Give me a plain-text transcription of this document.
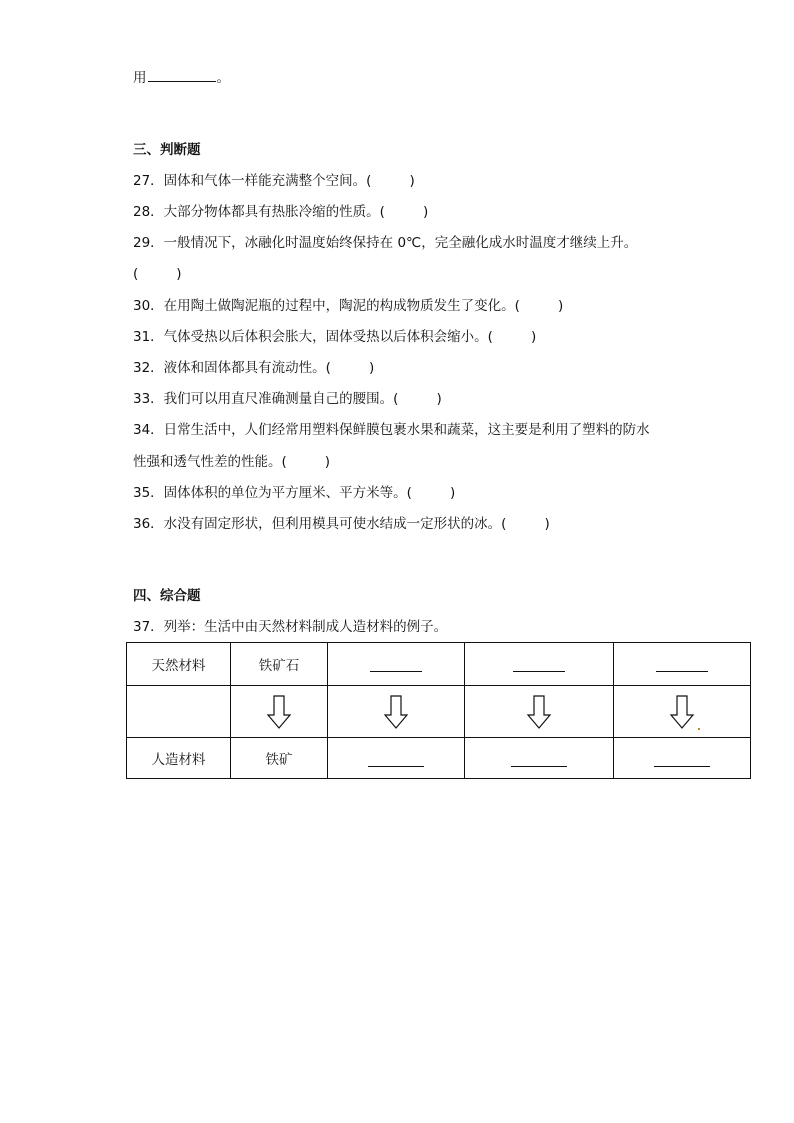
用	。
三、判断题
27．固体和气体一样能充满整个空间。(	)
28．大部分物体都具有热胀冷缩的性质。(	)
29．一般情况下，冰融化时温度始终保持在 0℃，完全融化成水时温度才继续上升。
(	)
30．在用陶土做陶泥瓶的过程中，陶泥的构成物质发生了变化。(	)
31．气体受热以后体积会胀大，固体受热以后体积会缩小。(	)
32．液体和固体都具有流动性。(	)
33．我们可以用直尺准确测量自己的腰围。(	)
34．日常生活中，人们经常用塑料保鲜膜包裹水果和蔬菜，这主要是利用了塑料的防水
性强和透气性差的性能。(	)
35．固体体积的单位为平方厘米、平方米等。(	)
36．水没有固定形状，但利用模具可使水结成一定形状的冰。(	)
四、综合题
37．列举：生活中由天然材料制成人造材料的例子。
天然材料	铁矿石			

人造材料	铁矿			
